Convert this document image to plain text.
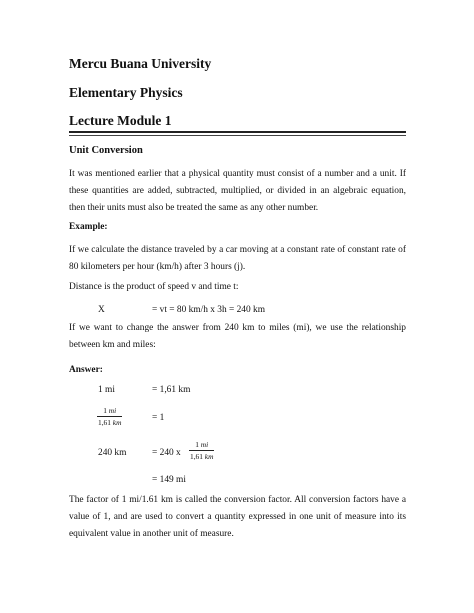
Mercu Buana University
Elementary Physics
Lecture Module 1
Unit Conversion

It was mentioned earlier that a physical quantity must consist of a number and a unit. If these quantities are added, subtracted, multiplied, or divided in an algebraic equation, then their units must also be treated the same as any other number.

Example:

If we calculate the distance traveled by a car moving at a constant rate of constant rate of 80 kilometers per hour (km/h) after 3 hours (j).

Distance is the product of speed v and time t:

X	= vt = 80 km/h x 3h = 240 km

If we want to change the answer from 240 km to miles (mi), we use the relationship between km and miles:

Answer:

1 mi	= 1,61 km
1 mi
1,61 km	= 1
240 km	= 240 x
1 mi
1,61 km
= 149 mi

The factor of 1 mi/1.61 km is called the conversion factor. All conversion factors have a value of 1, and are used to convert a quantity expressed in one unit of measure into its equivalent value in another unit of measure.
